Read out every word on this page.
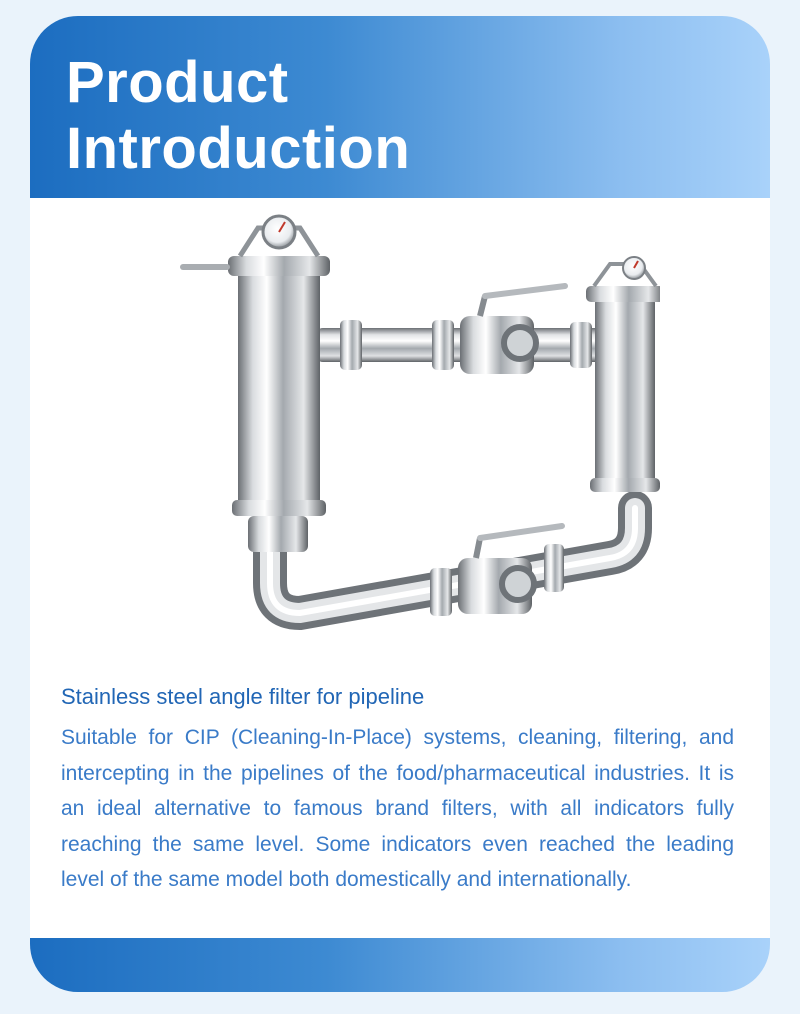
Product
Introduction

Stainless steel angle filter for pipeline

Suitable for CIP (Cleaning-In-Place) systems, cleaning, filtering, and intercepting in the pipelines of the food/pharmaceutical industries. It is an ideal alternative to famous brand filters, with all indicators fully reaching the same level. Some indicators even reached the leading level of the same model both domestically and internationally.
